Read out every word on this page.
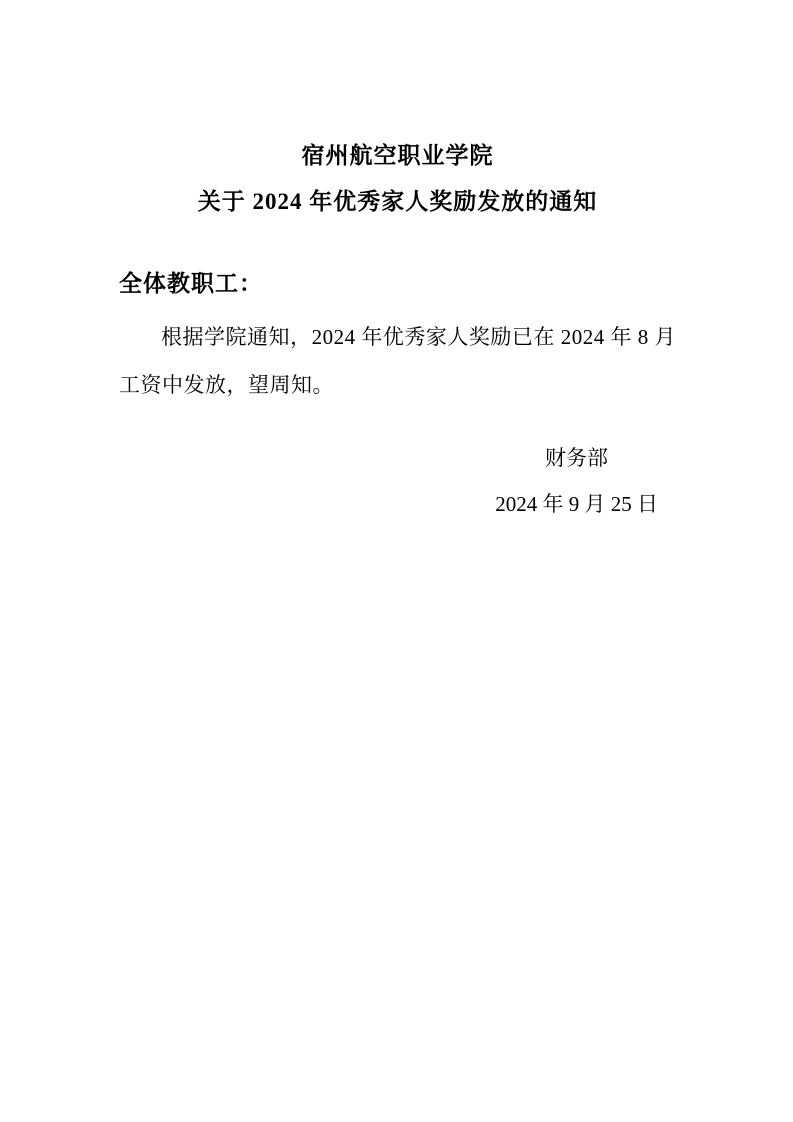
宿州航空职业学院
关于 2024 年优秀家人奖励发放的通知
全体教职工：
根据学院通知，2024 年优秀家人奖励已在 2024 年 8 月工资中发放，望周知。
财务部
2024 年 9 月 25 日
